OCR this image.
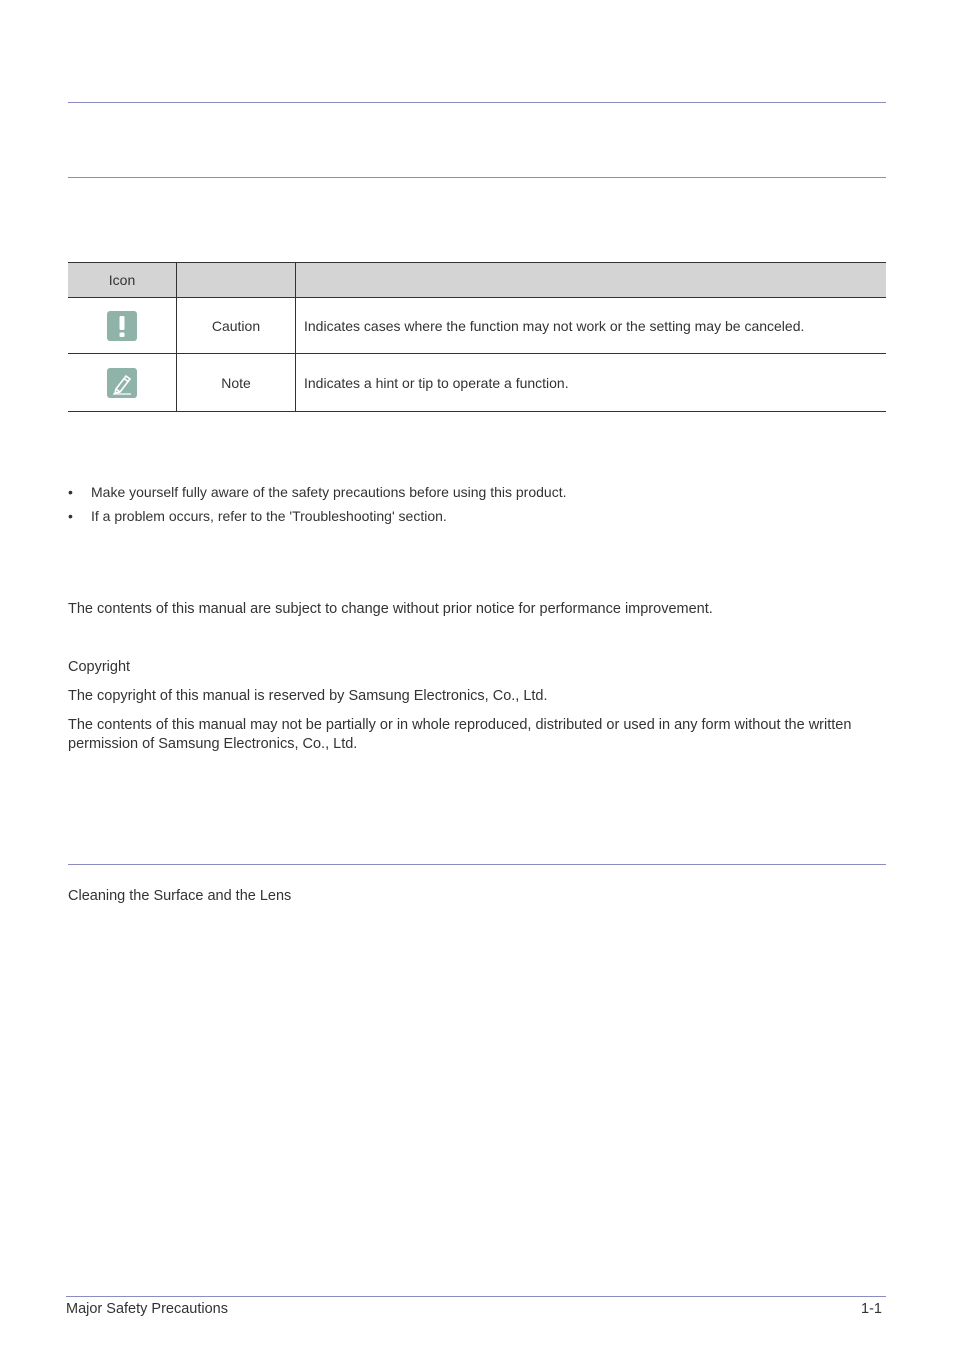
Icon		

	Caution	Indicates cases where the function may not work or the setting may be canceled.

	Note	Indicates a hint or tip to operate a function.
• Make yourself fully aware of the safety precautions before using this product.
• If a problem occurs, refer to the 'Troubleshooting' section.

The contents of this manual are subject to change without prior notice for performance improvement.

Copyright

The copyright of this manual is reserved by Samsung Electronics, Co., Ltd.

The contents of this manual may not be partially or in whole reproduced, distributed or used in any form without the written permission of Samsung Electronics, Co., Ltd.

Cleaning the Surface and the Lens

Major Safety Precautions	1-1
